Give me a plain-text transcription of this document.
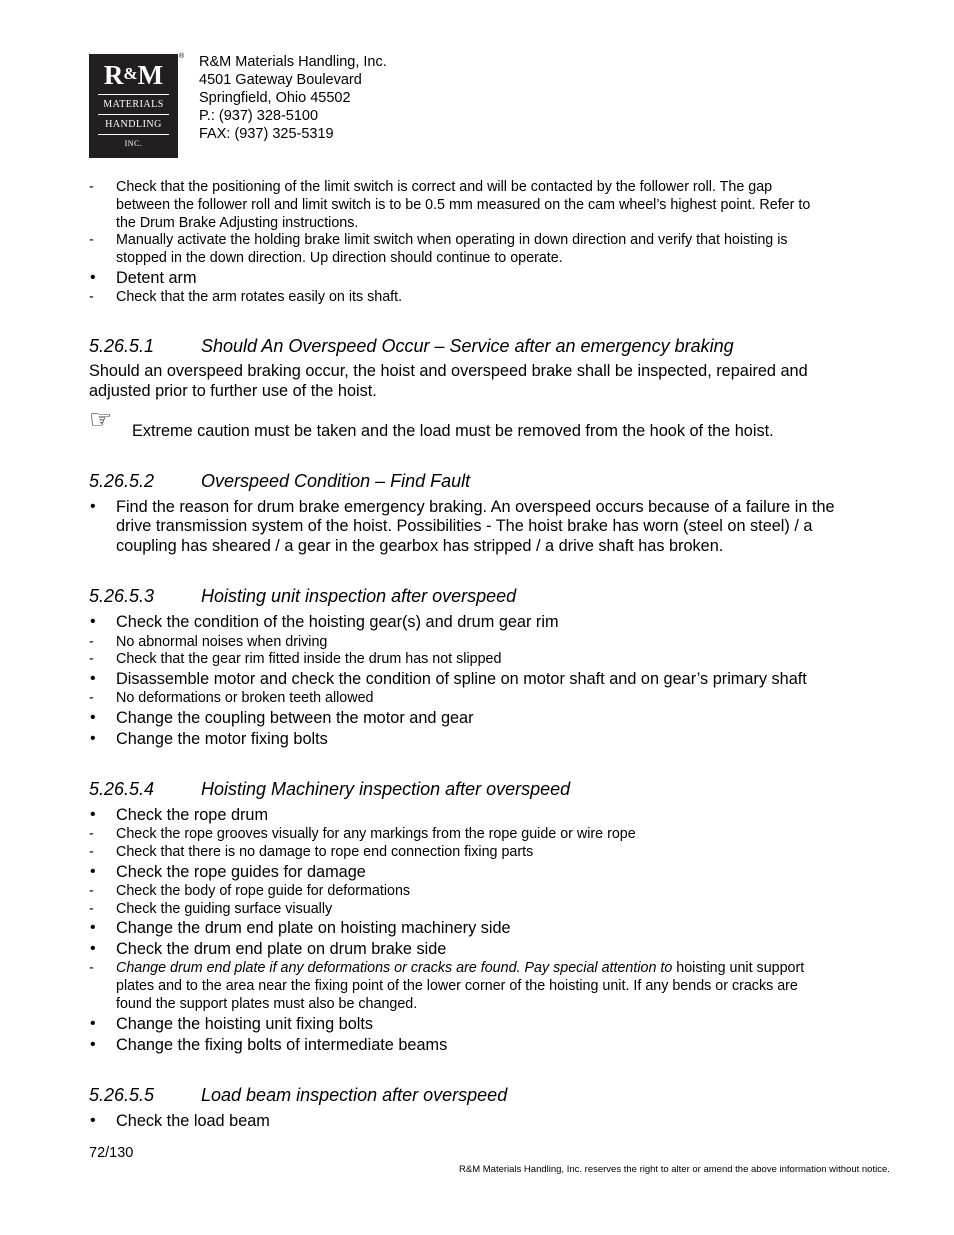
R&M
MATERIALS
HANDLING
INC.
® R&M Materials Handling, Inc.
4501 Gateway Boulevard
Springfield, Ohio 45502
P.: (937) 328-5100
FAX: (937) 325-5319
- Check that the positioning of the limit switch is correct and will be contacted by the follower roll. The gap
between the follower roll and limit switch is to be 0.5 mm measured on the cam wheel’s highest point. Refer to
the Drum Brake Adjusting instructions.
- Manually activate the holding brake limit switch when operating in down direction and verify that hoisting is
stopped in the down direction. Up direction should continue to operate.
• Detent arm
- Check that the arm rotates easily on its shaft.
5.26.5.1	Should An Overspeed Occur – Service after an emergency braking
Should an overspeed braking occur, the hoist and overspeed brake shall be inspected, repaired and
adjusted prior to further use of the hoist.
☞ Extreme caution must be taken and the load must be removed from the hook of the hoist.
5.26.5.2	Overspeed Condition – Find Fault
• Find the reason for drum brake emergency braking. An overspeed occurs because of a failure in the
drive transmission system of the hoist. Possibilities - The hoist brake has worn (steel on steel) / a
coupling has sheared / a gear in the gearbox has stripped / a drive shaft has broken.
5.26.5.3	Hoisting unit inspection after overspeed
• Check the condition of the hoisting gear(s) and drum gear rim
- No abnormal noises when driving
- Check that the gear rim fitted inside the drum has not slipped
• Disassemble motor and check the condition of spline on motor shaft and on gear’s primary shaft
- No deformations or broken teeth allowed
• Change the coupling between the motor and gear
• Change the motor fixing bolts
5.26.5.4	Hoisting Machinery inspection after overspeed
• Check the rope drum
- Check the rope grooves visually for any markings from the rope guide or wire rope
- Check that there is no damage to rope end connection fixing parts
• Check the rope guides for damage
- Check the body of rope guide for deformations
- Check the guiding surface visually
• Change the drum end plate on hoisting machinery side
• Check the drum end plate on drum brake side
- Change drum end plate if any deformations or cracks are found. Pay special attention to hoisting unit support
plates and to the area near the fixing point of the lower corner of the hoisting unit. If any bends or cracks are
found the support plates must also be changed.
• Change the hoisting unit fixing bolts
• Change the fixing bolts of intermediate beams
5.26.5.5	Load beam inspection after overspeed
• Check the load beam
72/130
R&M Materials Handling, Inc. reserves the right to alter or amend the above information without notice.
